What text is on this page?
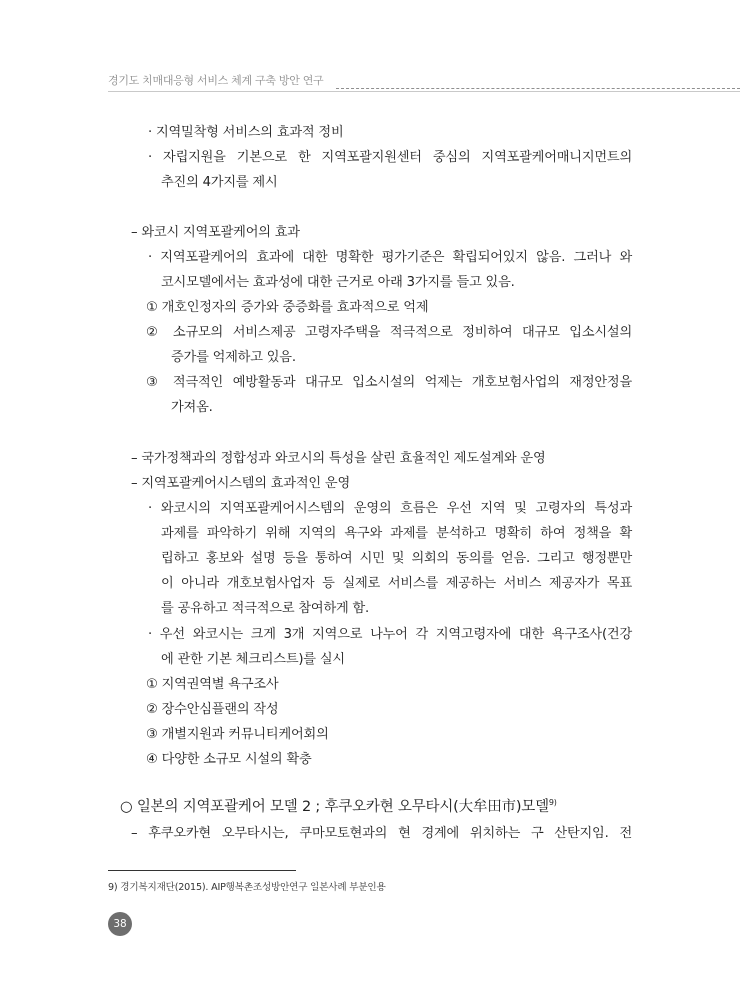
경기도 치매대응형 서비스 체계 구축 방안 연구
· 지역밀착형 서비스의 효과적 정비
· 자립지원을 기본으로 한 지역포괄지원센터 중심의 지역포괄케어매니지먼트의
추진의 4가지를 제시
– 와코시 지역포괄케어의 효과
· 지역포괄케어의 효과에 대한 명확한 평가기준은 확립되어있지 않음. 그러나 와
코시모델에서는 효과성에 대한 근거로 아래 3가지를 들고 있음.
① 개호인정자의 증가와 중증화를 효과적으로 억제
② 소규모의 서비스제공 고령자주택을 적극적으로 정비하여 대규모 입소시설의
증가를 억제하고 있음.
③ 적극적인 예방활동과 대규모 입소시설의 억제는 개호보험사업의 재정안정을
가져옴.
– 국가정책과의 정합성과 와코시의 특성을 살린 효율적인 제도설계와 운영
– 지역포괄케어시스템의 효과적인 운영
· 와코시의 지역포괄케어시스템의 운영의 흐름은 우선 지역 및 고령자의 특성과
과제를 파악하기 위해 지역의 욕구와 과제를 분석하고 명확히 하여 정책을 확
립하고 홍보와 설명 등을 통하여 시민 및 의회의 동의를 얻음. 그리고 행정뿐만
이 아니라 개호보험사업자 등 실제로 서비스를 제공하는 서비스 제공자가 목표
를 공유하고 적극적으로 참여하게 함.
· 우선 와코시는 크게 3개 지역으로 나누어 각 지역고령자에 대한 욕구조사(건강
에 관한 기본 체크리스트)를 실시
① 지역권역별 욕구조사
② 장수안심플랜의 작성
③ 개별지원과 커뮤니티케어회의
④ 다양한 소규모 시설의 확충
○ 일본의 지역포괄케어 모델 2 ; 후쿠오카현 오무타시(大牟田市)모델$^{9)}$
– 후쿠오카현 오무타시는, 쿠마모토현과의 현 경계에 위치하는 구 산탄지임. 전
9) 경기복지재단(2015). AIP행복촌조성방안연구 일본사례 부분인용
38
